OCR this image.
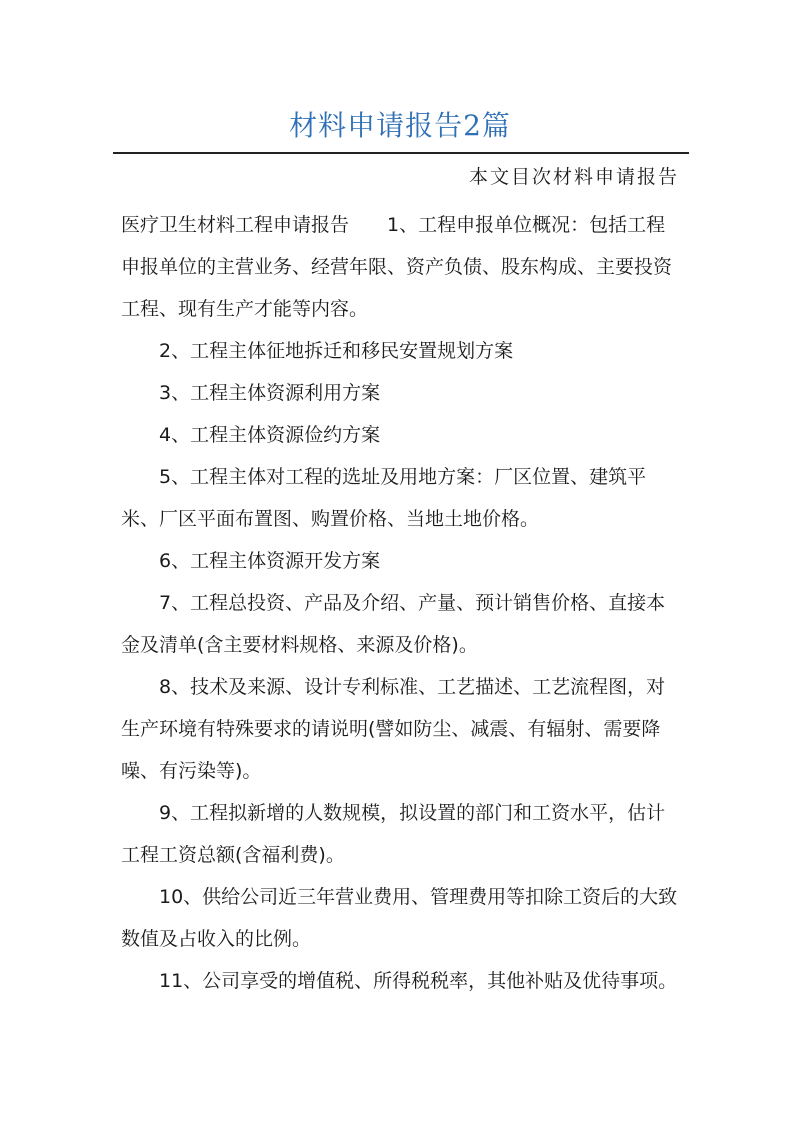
材料申请报告2篇
本文目次材料申请报告

医疗卫生材料工程申请报告　　1、工程申报单位概况：包括工程申报单位的主营业务、经营年限、资产负债、股东构成、主要投资工程、现有生产才能等内容。

2、工程主体征地拆迁和移民安置规划方案

3、工程主体资源利用方案

4、工程主体资源俭约方案

5、工程主体对工程的选址及用地方案：厂区位置、建筑平米、厂区平面布置图、购置价格、当地土地价格。

6、工程主体资源开发方案

7、工程总投资、产品及介绍、产量、预计销售价格、直接本金及清单(含主要材料规格、来源及价格)。

8、技术及来源、设计专利标准、工艺描述、工艺流程图，对生产环境有特殊要求的请说明(譬如防尘、减震、有辐射、需要降噪、有污染等)。

9、工程拟新增的人数规模，拟设置的部门和工资水平，估计工程工资总额(含福利费)。

10、供给公司近三年营业费用、管理费用等扣除工资后的大致数值及占收入的比例。

11、公司享受的增值税、所得税税率，其他补贴及优待事项。
